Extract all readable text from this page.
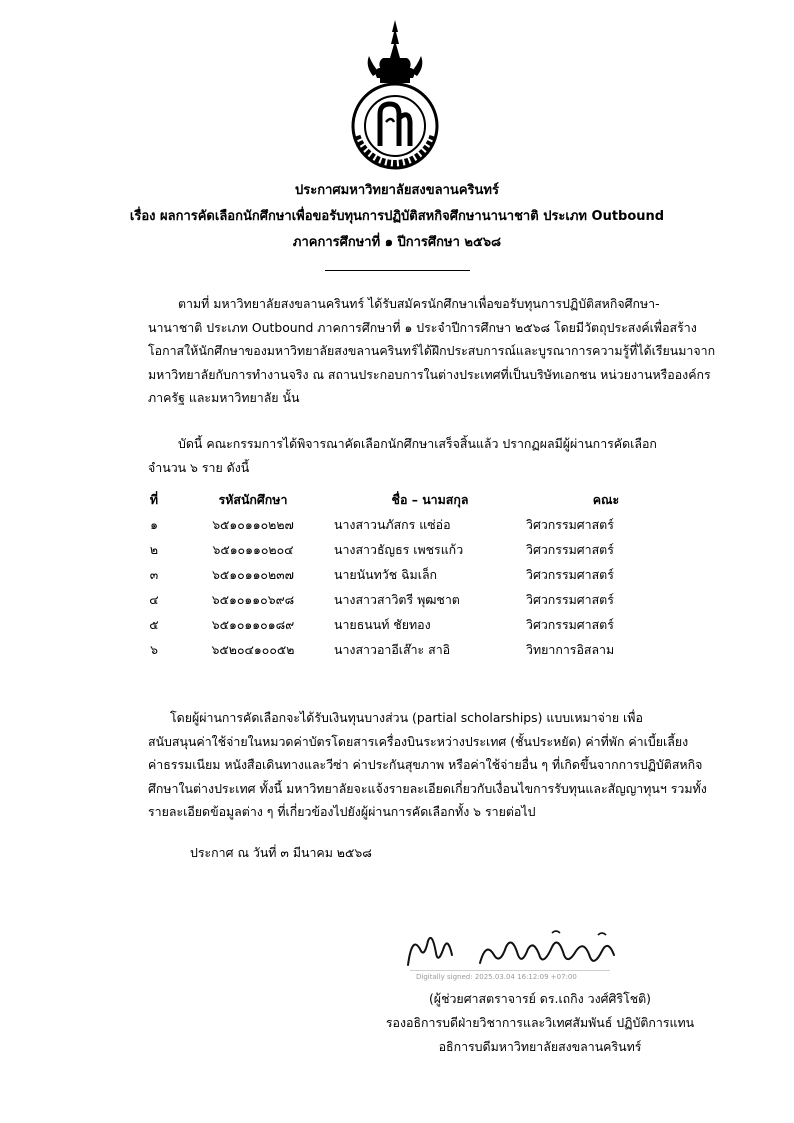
ประกาศมหาวิทยาลัยสงขลานครินทร์
เรื่อง ผลการคัดเลือกนักศึกษาเพื่อขอรับทุนการปฏิบัติสหกิจศึกษานานาชาติ ประเภท Outbound
ภาคการศึกษาที่ ๑ ปีการศึกษา ๒๕๖๘
ตามที่ มหาวิทยาลัยสงขลานครินทร์ ได้รับสมัครนักศึกษาเพื่อขอรับทุนการปฏิบัติสหกิจศึกษา-
นานาชาติ ประเภท Outbound ภาคการศึกษาที่ ๑ ประจำปีการศึกษา ๒๕๖๘ โดยมีวัตถุประสงค์เพื่อสร้าง
โอกาสให้นักศึกษาของมหาวิทยาลัยสงขลานครินทร์ได้ฝึกประสบการณ์และบูรณาการความรู้ที่ได้เรียนมาจาก
มหาวิทยาลัยกับการทำงานจริง ณ สถานประกอบการในต่างประเทศที่เป็นบริษัทเอกชน หน่วยงานหรือองค์กร
ภาครัฐ และมหาวิทยาลัย นั้น
บัดนี้ คณะกรรมการได้พิจารณาคัดเลือกนักศึกษาเสร็จสิ้นแล้ว ปรากฏผลมีผู้ผ่านการคัดเลือก
จำนวน ๖ ราย ดังนี้
ที่	รหัสนักศึกษา	ชื่อ – นามสกุล	คณะ
๑	๖๕๑๐๑๑๐๒๒๗	นางสาวนภัสกร แซ่อ่อ	วิศวกรรมศาสตร์
๒	๖๕๑๐๑๑๐๒๐๔	นางสาวธัญธร เพชรแก้ว	วิศวกรรมศาสตร์
๓	๖๕๑๐๑๑๐๒๓๗	นายนันทวัช ฉิมเล็ก	วิศวกรรมศาสตร์
๔	๖๕๑๐๑๑๐๖๙๘	นางสาวสาวิตรี พุฒชาต	วิศวกรรมศาสตร์
๕	๖๕๑๐๑๑๐๑๘๙	นายธนนท์ ชัยทอง	วิศวกรรมศาสตร์
๖	๖๕๒๐๔๑๐๐๕๒	นางสาวอาอีเส๊าะ สาอิ	วิทยาการอิสลาม
โดยผู้ผ่านการคัดเลือกจะได้รับเงินทุนบางส่วน (partial scholarships) แบบเหมาจ่าย เพื่อ
สนับสนุนค่าใช้จ่ายในหมวดค่าบัตรโดยสารเครื่องบินระหว่างประเทศ (ชั้นประหยัด) ค่าที่พัก ค่าเบี้ยเลี้ยง
ค่าธรรมเนียม หนังสือเดินทางและวีซ่า ค่าประกันสุขภาพ หรือค่าใช้จ่ายอื่น ๆ ที่เกิดขึ้นจากการปฏิบัติสหกิจ
ศึกษาในต่างประเทศ ทั้งนี้ มหาวิทยาลัยจะแจ้งรายละเอียดเกี่ยวกับเงื่อนไขการรับทุนและสัญญาทุนฯ รวมทั้ง
รายละเอียดข้อมูลต่าง ๆ ที่เกี่ยวข้องไปยังผู้ผ่านการคัดเลือกทั้ง ๖ รายต่อไป
ประกาศ ณ วันที่ ๓ มีนาคม ๒๕๖๘
Digitally signed: 2025.03.04 16:12:09 +07:00
(ผู้ช่วยศาสตราจารย์ ดร.เถกิง วงศ์ศิริโชติ)
รองอธิการบดีฝ่ายวิชาการและวิเทศสัมพันธ์ ปฏิบัติการแทน
อธิการบดีมหาวิทยาลัยสงขลานครินทร์
